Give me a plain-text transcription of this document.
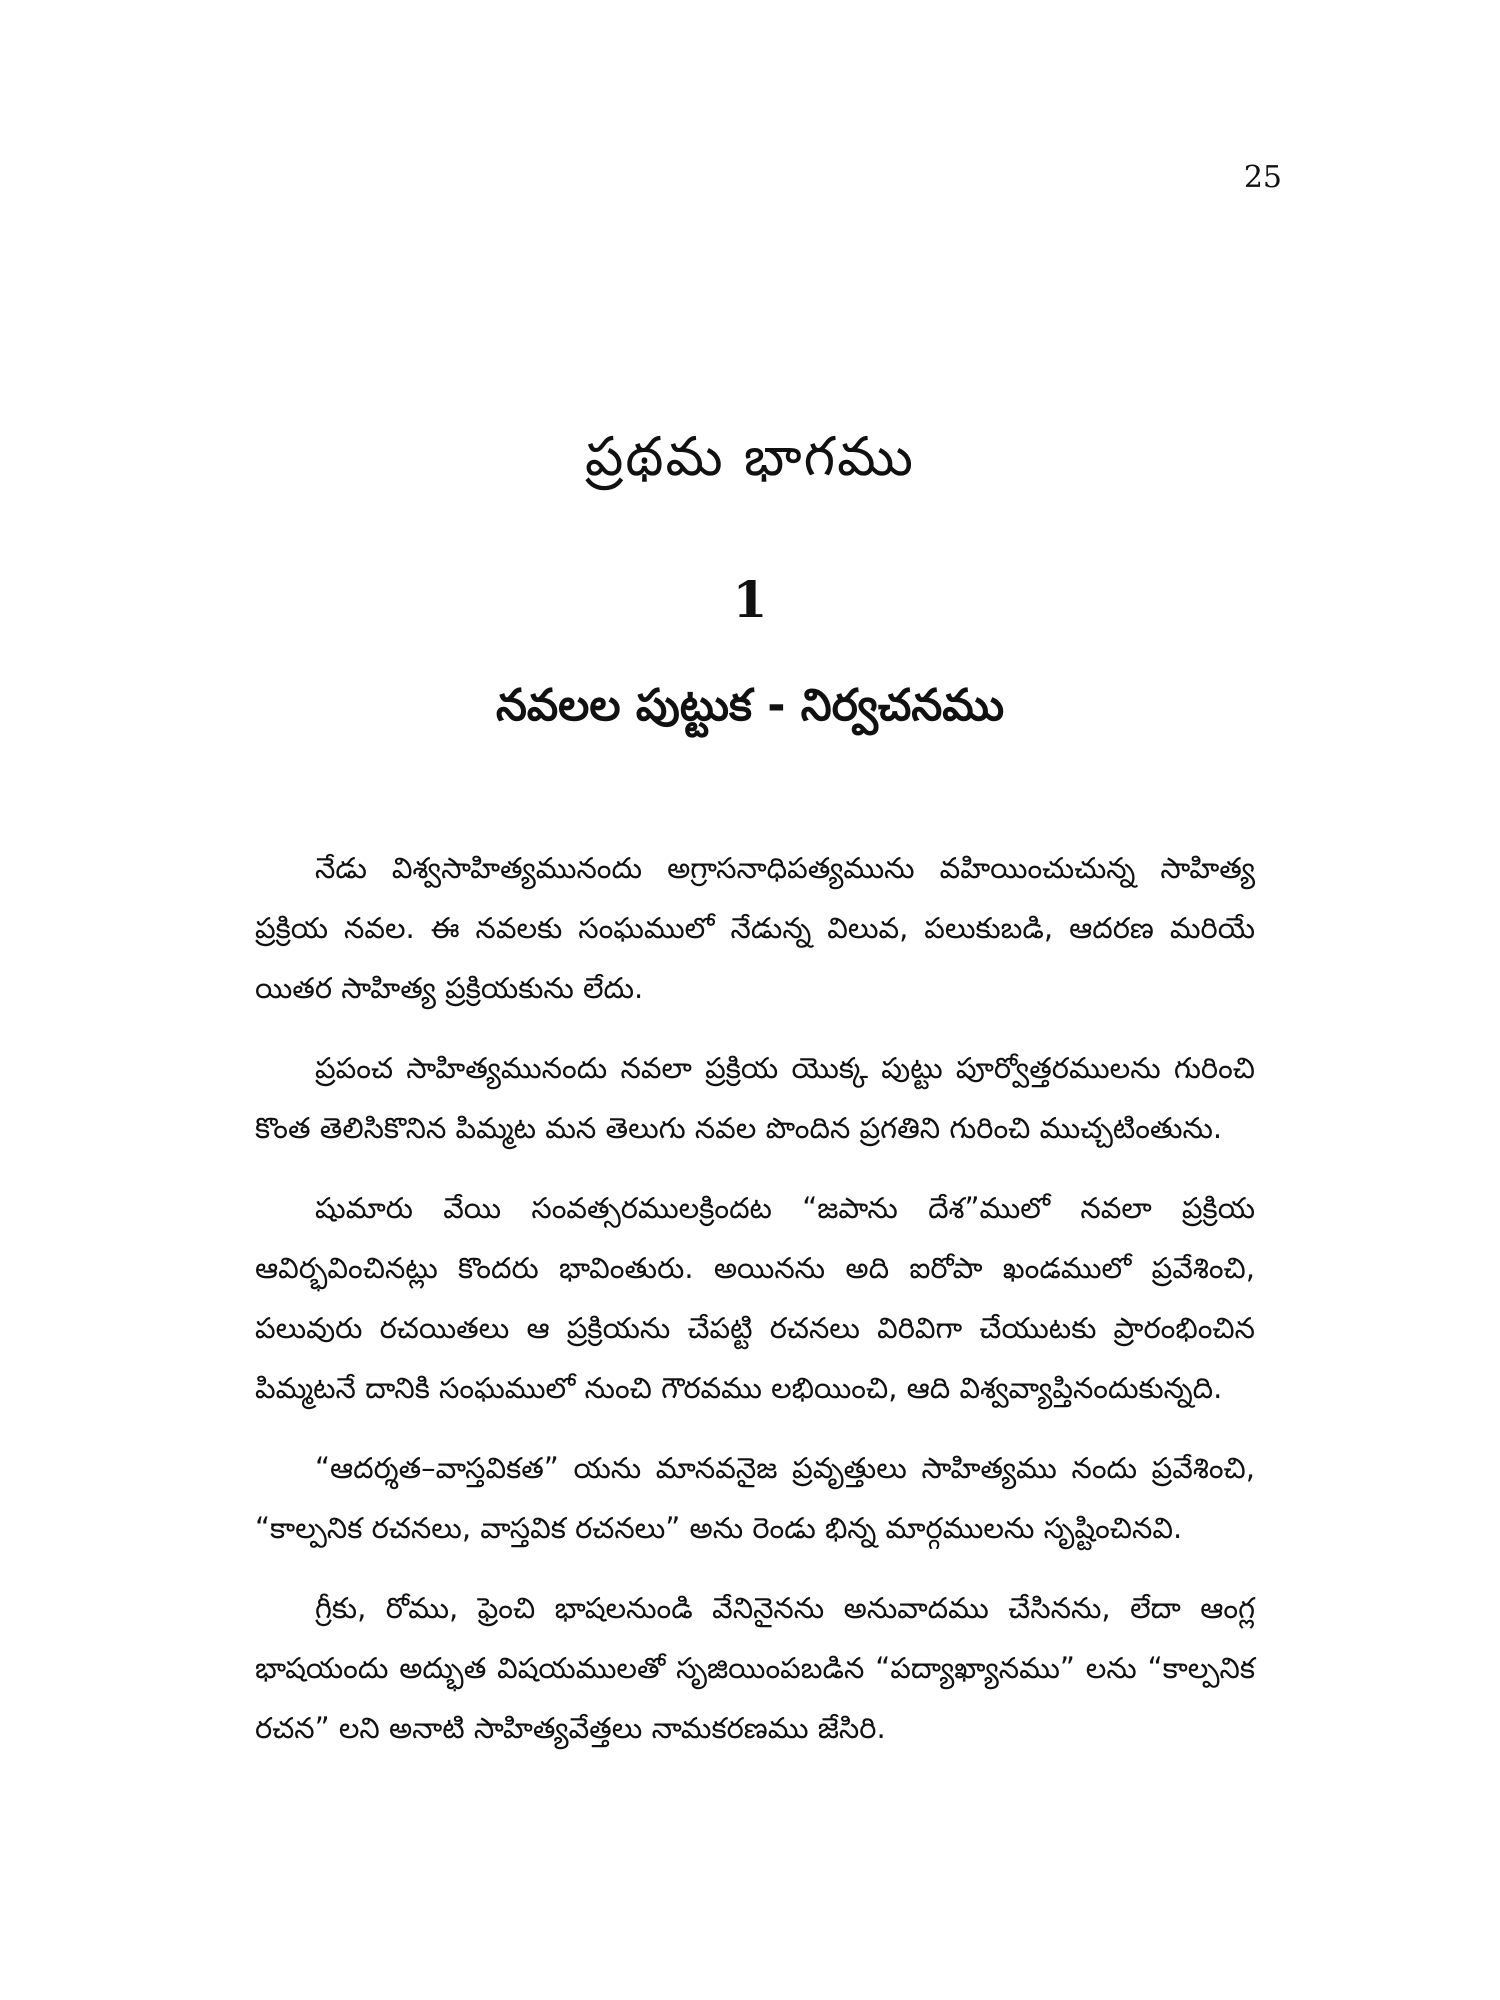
25
ప్రథమ భాగము
1
నవలల పుట్టుక - నిర్వచనము

నేడు విశ్వసాహిత్యమునందు అగ్రాసనాధిపత్యమును వహియించుచున్న సాహిత్య ప్రక్రియ నవల. ఈ నవలకు సంఘములో నేడున్న విలువ, పలుకుబడి, ఆదరణ మరియే యితర సాహిత్య ప్రక్రియకును లేదు.

ప్రపంచ సాహిత్యమునందు నవలా ప్రక్రియ యొక్క పుట్టు పూర్వోత్తరములను గురించి కొంత తెలిసికొనిన పిమ్మట మన తెలుగు నవల పొందిన ప్రగతిని గురించి ముచ్చటింతును.

షుమారు వేయి సంవత్సరములక్రిందట “జపాను దేశ”ములో నవలా ప్రక్రియ ఆవిర్భవించినట్లు కొందరు భావింతురు. అయినను అది ఐరోపా ఖండములో ప్రవేశించి, పలువురు రచయితలు ఆ ప్రక్రియను చేపట్టి రచనలు విరివిగా చేయుటకు ప్రారంభించిన పిమ్మటనే దానికి సంఘములో నుంచి గౌరవము లభియించి, ఆది విశ్వవ్యాప్తినందుకున్నది.

“ఆదర్శత–వాస్తవికత” యను మానవనైజ ప్రవృత్తులు సాహిత్యము నందు ప్రవేశించి, “కాల్పనిక రచనలు, వాస్తవిక రచనలు” అను రెండు భిన్న మార్గములను సృష్టించినవి.

గ్రీకు, రోము, ఫ్రెంచి భాషలనుండి వేనినైనను అనువాదము చేసినను, లేదా ఆంగ్ల భాషయందు అద్భుత విషయములతో సృజియింపబడిన “పద్యాఖ్యానము” లను “కాల్పనిక రచన” లని అనాటి సాహిత్యవేత్తలు నామకరణము జేసిరి.
